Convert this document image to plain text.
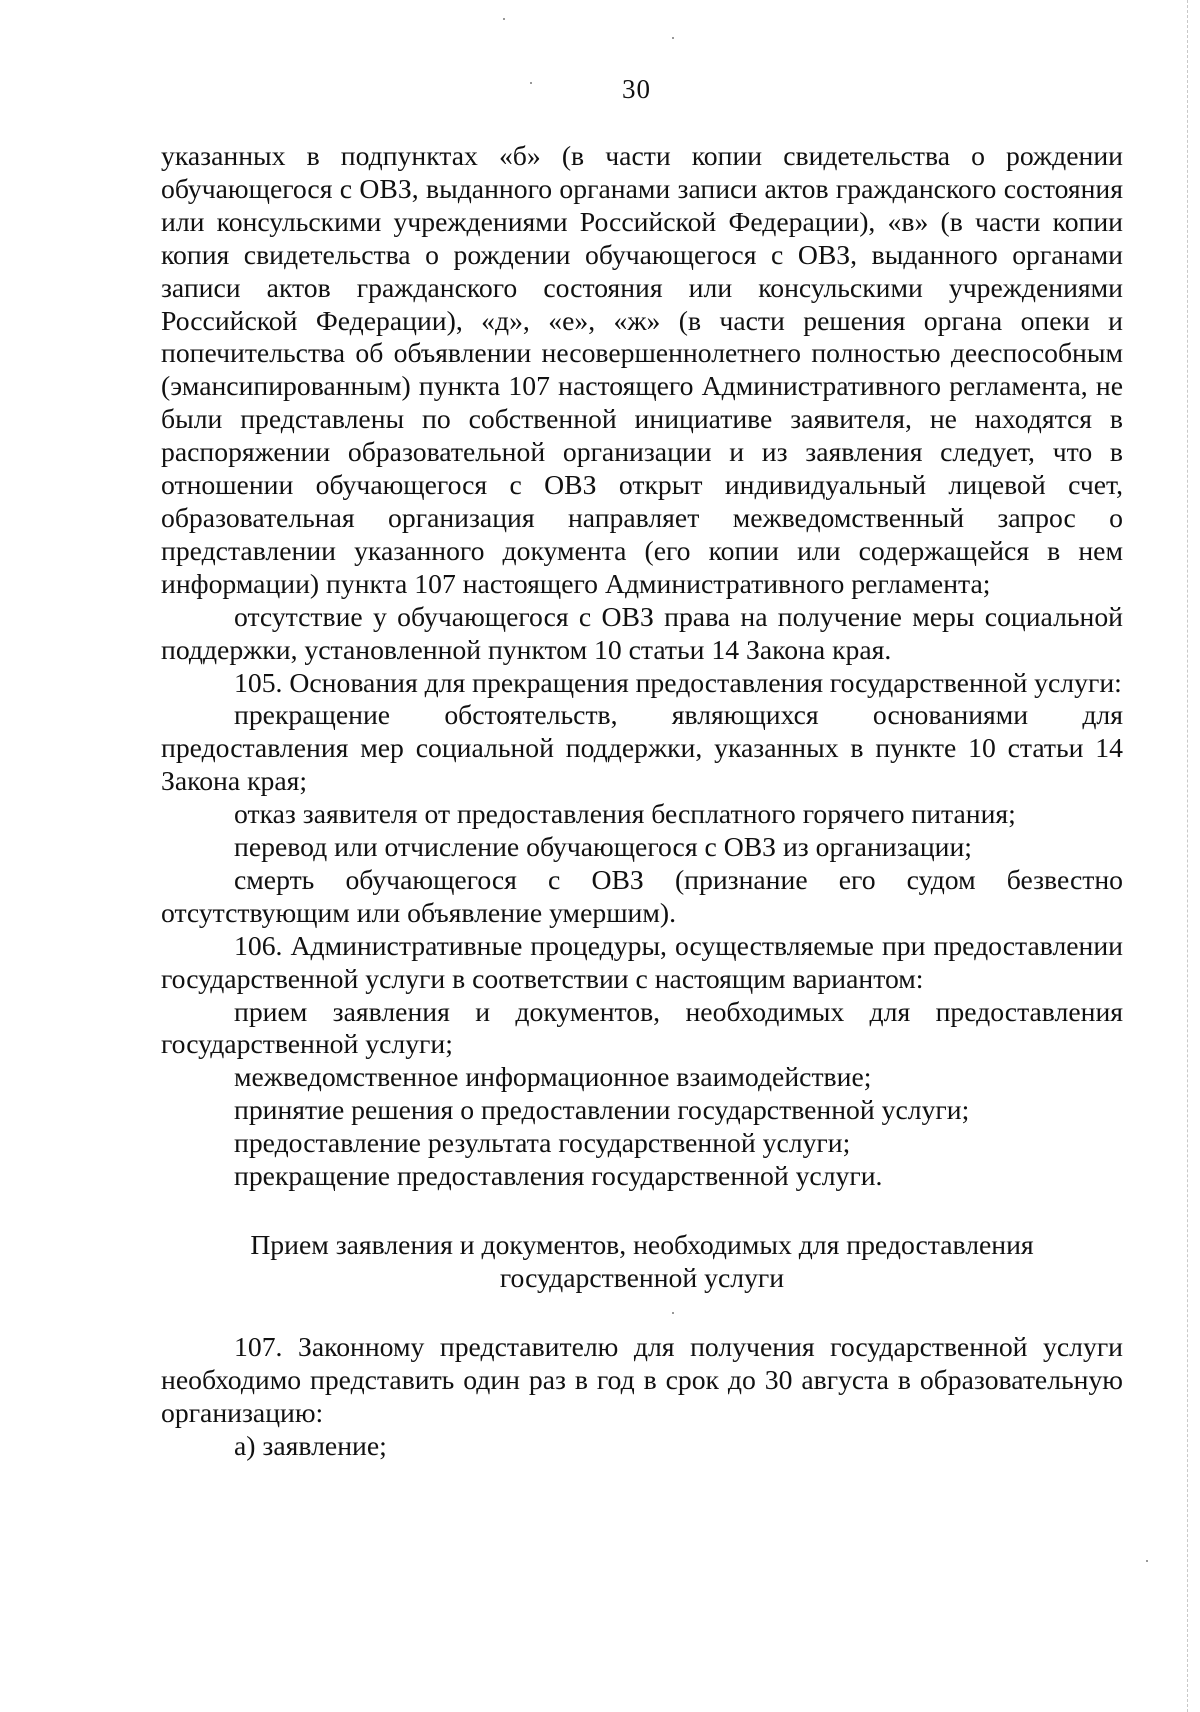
30

указанных в подпунктах «б» (в части копии свидетельства о рождении обучающегося с ОВЗ, выданного органами записи актов гражданского состояния или консульскими учреждениями Российской Федерации), «в» (в части копии копия свидетельства о рождении обучающегося с ОВЗ, выданного органами записи актов гражданского состояния или консульскими учреждениями Российской Федерации), «д», «е», «ж» (в части решения органа опеки и попечительства об объявлении несовершеннолетнего полностью дееспособным (эмансипированным) пункта 107 настоящего Административного регламента, не были представлены по собственной инициативе заявителя, не находятся в распоряжении образовательной организации и из заявления следует, что в отношении обучающегося с ОВЗ открыт индивидуальный лицевой счет, образовательная организация направляет межведомственный запрос о представлении указанного документа (его копии или содержащейся в нем информации) пункта 107 настоящего Административного регламента;

отсутствие у обучающегося с ОВЗ права на получение меры социальной поддержки, установленной пунктом 10 статьи 14 Закона края.

105. Основания для прекращения предоставления государственной услуги:

прекращение обстоятельств, являющихся основаниями для предоставления мер социальной поддержки, указанных в пункте 10 статьи 14 Закона края;

отказ заявителя от предоставления бесплатного горячего питания;

перевод или отчисление обучающегося с ОВЗ из организации;

смерть обучающегося с ОВЗ (признание его судом безвестно отсутствующим или объявление умершим).

106. Административные процедуры, осуществляемые при предоставлении государственной услуги в соответствии с настоящим вариантом:

прием заявления и документов, необходимых для предоставления государственной услуги;

межведомственное информационное взаимодействие;

принятие решения о предоставлении государственной услуги;

предоставление результата государственной услуги;

прекращение предоставления государственной услуги.

Прием заявления и документов, необходимых для предоставления
государственной услуги

107. Законному представителю для получения государственной услуги необходимо представить один раз в год в срок до 30 августа в образовательную организацию:

а) заявление;
